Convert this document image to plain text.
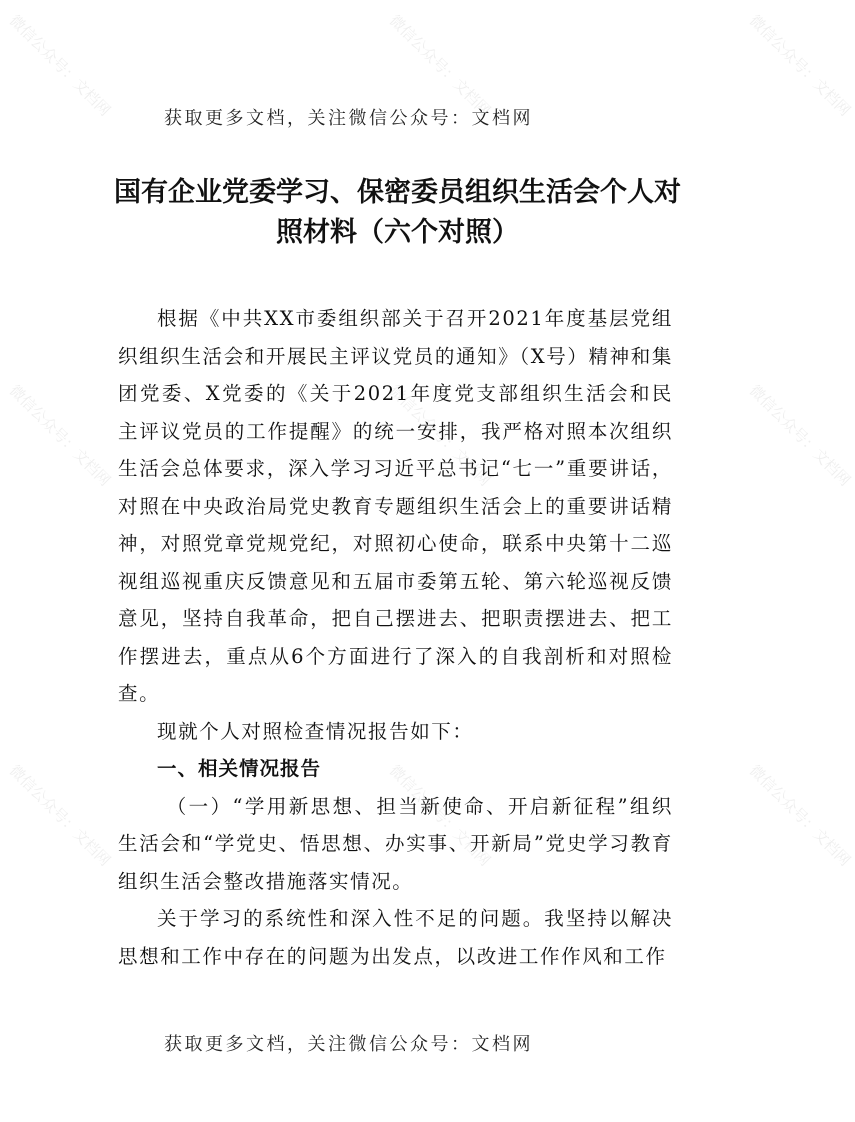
微信公众号：文档网	微信公众号：文档网	微信公众号：文档网
微信公众号：文档网	微信公众号：文档网	微信公众号：文档网
微信公众号：文档网	微信公众号：文档网	微信公众号：文档网
获取更多文档，关注微信公众号：文档网
国有企业党委学习、保密委员组织生活会个人对照材料（六个对照）

根据《中共XX市委组织部关于召开2021年度基层党组织组织生活会和开展民主评议党员的通知》（X号）精神和集团党委、X党委的《关于2021年度党支部组织生活会和民主评议党员的工作提醒》的统一安排，我严格对照本次组织生活会总体要求，深入学习习近平总书记“七一”重要讲话，对照在中央政治局党史教育专题组织生活会上的重要讲话精神，对照党章党规党纪，对照初心使命，联系中央第十二巡视组巡视重庆反馈意见和五届市委第五轮、第六轮巡视反馈意见，坚持自我革命，把自己摆进去、把职责摆进去、把工作摆进去，重点从6个方面进行了深入的自我剖析和对照检查。

现就个人对照检查情况报告如下：

一、相关情况报告

（一）“学用新思想、担当新使命、开启新征程”组织生活会和“学党史、悟思想、办实事、开新局”党史学习教育组织生活会整改措施落实情况。

关于学习的系统性和深入性不足的问题。我坚持以解决思想和工作中存在的问题为出发点，以改进工作作风和工作

获取更多文档，关注微信公众号：文档网
